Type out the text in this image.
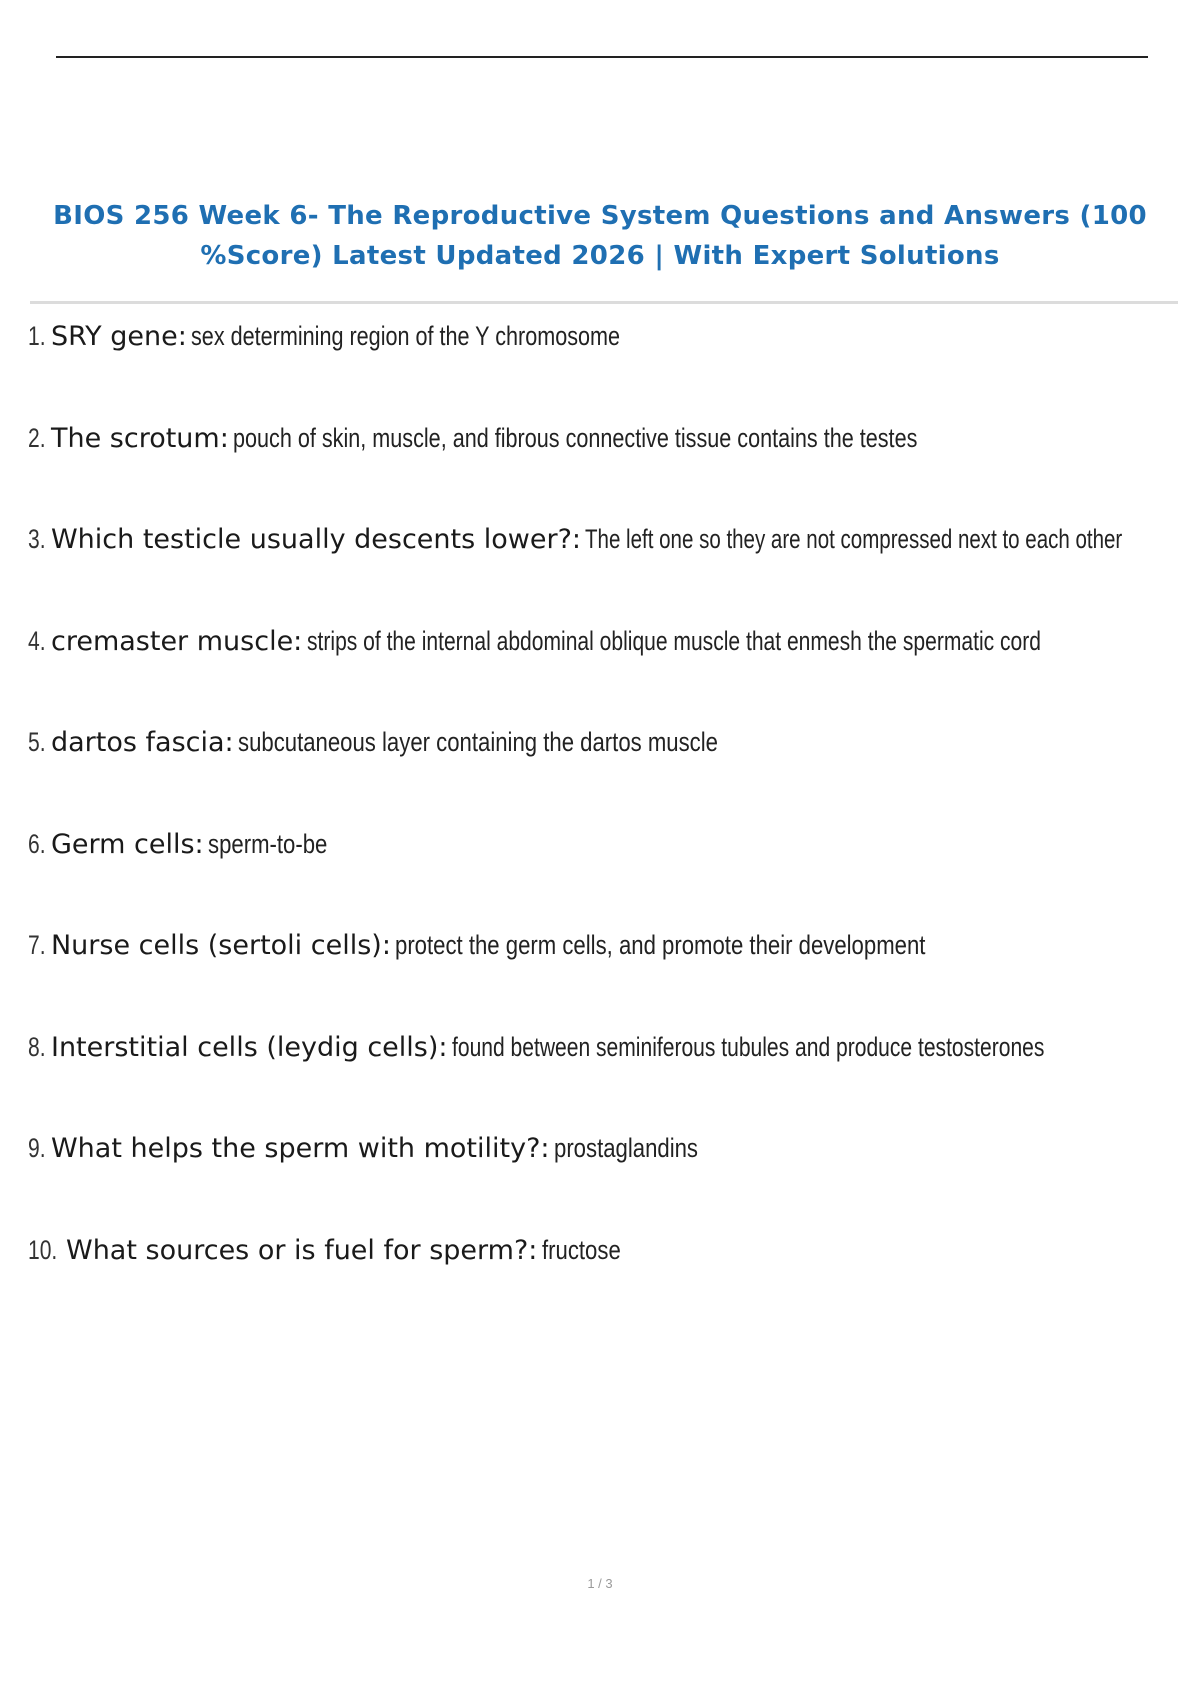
BIOS 256 Week 6- The Reproductive System Questions and Answers (100
%Score) Latest Updated 2026 | With Expert Solutions
1. SRY gene: sex determining region of the Y chromosome
2. The scrotum: pouch of skin, muscle, and fibrous connective tissue contains the testes
3. Which testicle usually descents lower?: The left one so they are not compressed next to each other
4. cremaster muscle: strips of the internal abdominal oblique muscle that enmesh the spermatic cord
5. dartos fascia: subcutaneous layer containing the dartos muscle
6. Germ cells: sperm-to-be
7. Nurse cells (sertoli cells): protect the germ cells, and promote their development
8. Interstitial cells (leydig cells): found between seminiferous tubules and produce testosterones
9. What helps the sperm with motility?: prostaglandins
10. What sources or is fuel for sperm?: fructose
1 / 3
